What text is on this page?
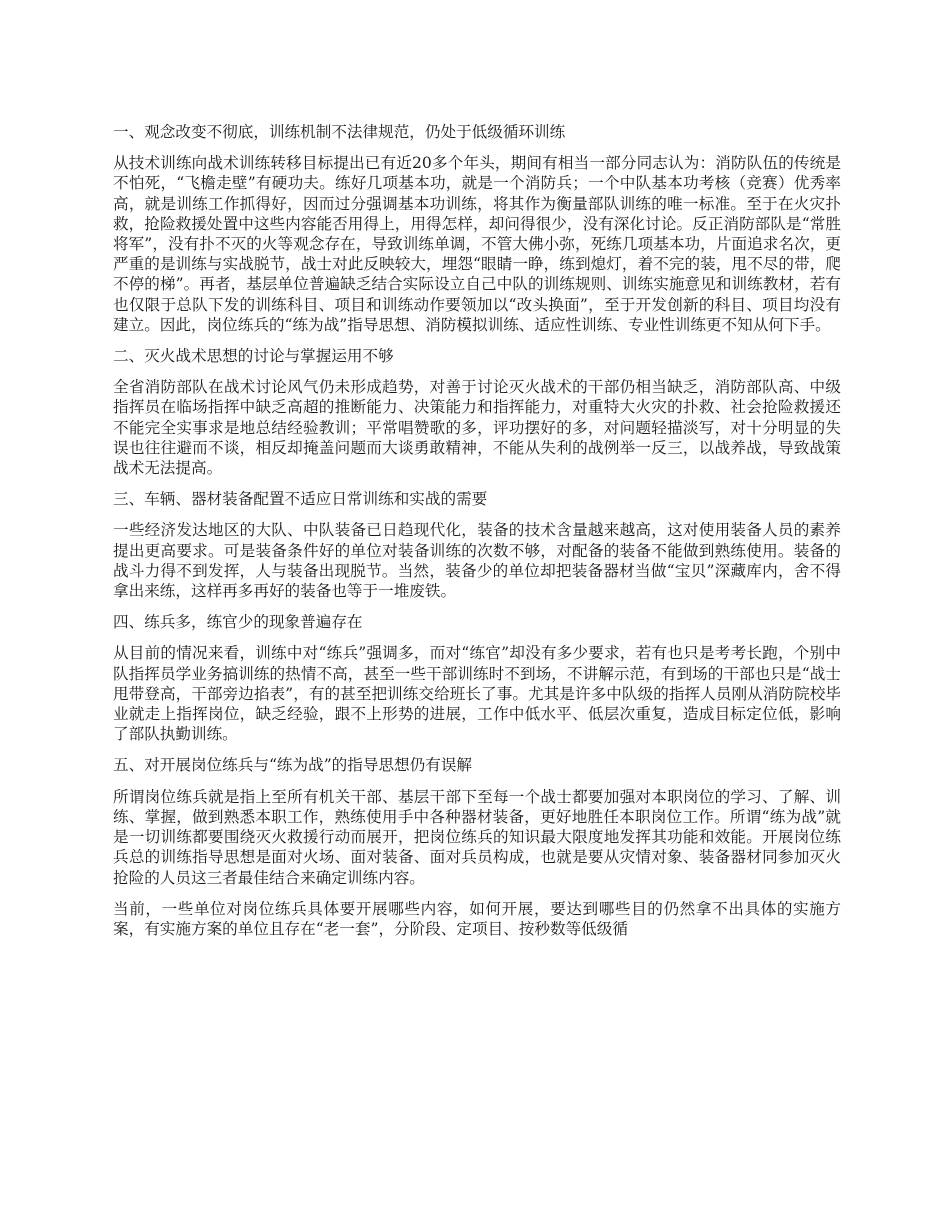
一、观念改变不彻底，训练机制不法律规范，仍处于低级循环训练
从技术训练向战术训练转移目标提出已有近20多个年头，期间有相当一部分同志认为：消防队伍的传统是不怕死，“飞檐走壁”有硬功夫。练好几项基本功，就是一个消防兵；一个中队基本功考核（竞赛）优秀率高，就是训练工作抓得好，因而过分强调基本功训练，将其作为衡量部队训练的唯一标准。至于在火灾扑救，抢险救援处置中这些内容能否用得上，用得怎样，却问得很少，没有深化讨论。反正消防部队是“常胜将军”，没有扑不灭的火等观念存在，导致训练单调，不管大佛小弥，死练几项基本功，片面追求名次，更严重的是训练与实战脱节，战士对此反映较大，埋怨“眼睛一睁，练到熄灯，着不完的装，甩不尽的带，爬不停的梯”。再者，基层单位普遍缺乏结合实际设立自己中队的训练规则、训练实施意见和训练教材，若有也仅限于总队下发的训练科目、项目和训练动作要领加以“改头换面”，至于开发创新的科目、项目均没有建立。因此，岗位练兵的“练为战”指导思想、消防模拟训练、适应性训练、专业性训练更不知从何下手。
二、灭火战术思想的讨论与掌握运用不够
全省消防部队在战术讨论风气仍未形成趋势，对善于讨论灭火战术的干部仍相当缺乏，消防部队高、中级指挥员在临场指挥中缺乏高超的推断能力、决策能力和指挥能力，对重特大火灾的扑救、社会抢险救援还不能完全实事求是地总结经验教训；平常唱赞歌的多，评功摆好的多，对问题轻描淡写，对十分明显的失误也往往避而不谈，相反却掩盖问题而大谈勇敢精神，不能从失利的战例举一反三，以战养战，导致战策战术无法提高。
三、车辆、器材装备配置不适应日常训练和实战的需要
一些经济发达地区的大队、中队装备已日趋现代化，装备的技术含量越来越高，这对使用装备人员的素养提出更高要求。可是装备条件好的单位对装备训练的次数不够，对配备的装备不能做到熟练使用。装备的战斗力得不到发挥，人与装备出现脱节。当然，装备少的单位却把装备器材当做“宝贝”深藏库内，舍不得拿出来练，这样再多再好的装备也等于一堆废铁。
四、练兵多，练官少的现象普遍存在
从目前的情况来看，训练中对“练兵”强调多，而对“练官”却没有多少要求，若有也只是考考长跑，个别中队指挥员学业务搞训练的热情不高，甚至一些干部训练时不到场，不讲解示范，有到场的干部也只是“战士甩带登高，干部旁边掐表”，有的甚至把训练交给班长了事。尤其是许多中队级的指挥人员刚从消防院校毕业就走上指挥岗位，缺乏经验，跟不上形势的进展，工作中低水平、低层次重复，造成目标定位低，影响了部队执勤训练。
五、对开展岗位练兵与“练为战”的指导思想仍有误解
所谓岗位练兵就是指上至所有机关干部、基层干部下至每一个战士都要加强对本职岗位的学习、了解、训练、掌握，做到熟悉本职工作，熟练使用手中各种器材装备，更好地胜任本职岗位工作。所谓“练为战”就是一切训练都要围绕灭火救援行动而展开，把岗位练兵的知识最大限度地发挥其功能和效能。开展岗位练兵总的训练指导思想是面对火场、面对装备、面对兵员构成，也就是要从灾情对象、装备器材同参加灭火抢险的人员这三者最佳结合来确定训练内容。
当前，一些单位对岗位练兵具体要开展哪些内容，如何开展，要达到哪些目的仍然拿不出具体的实施方案，有实施方案的单位且存在“老一套”，分阶段、定项目、按秒数等低级循
